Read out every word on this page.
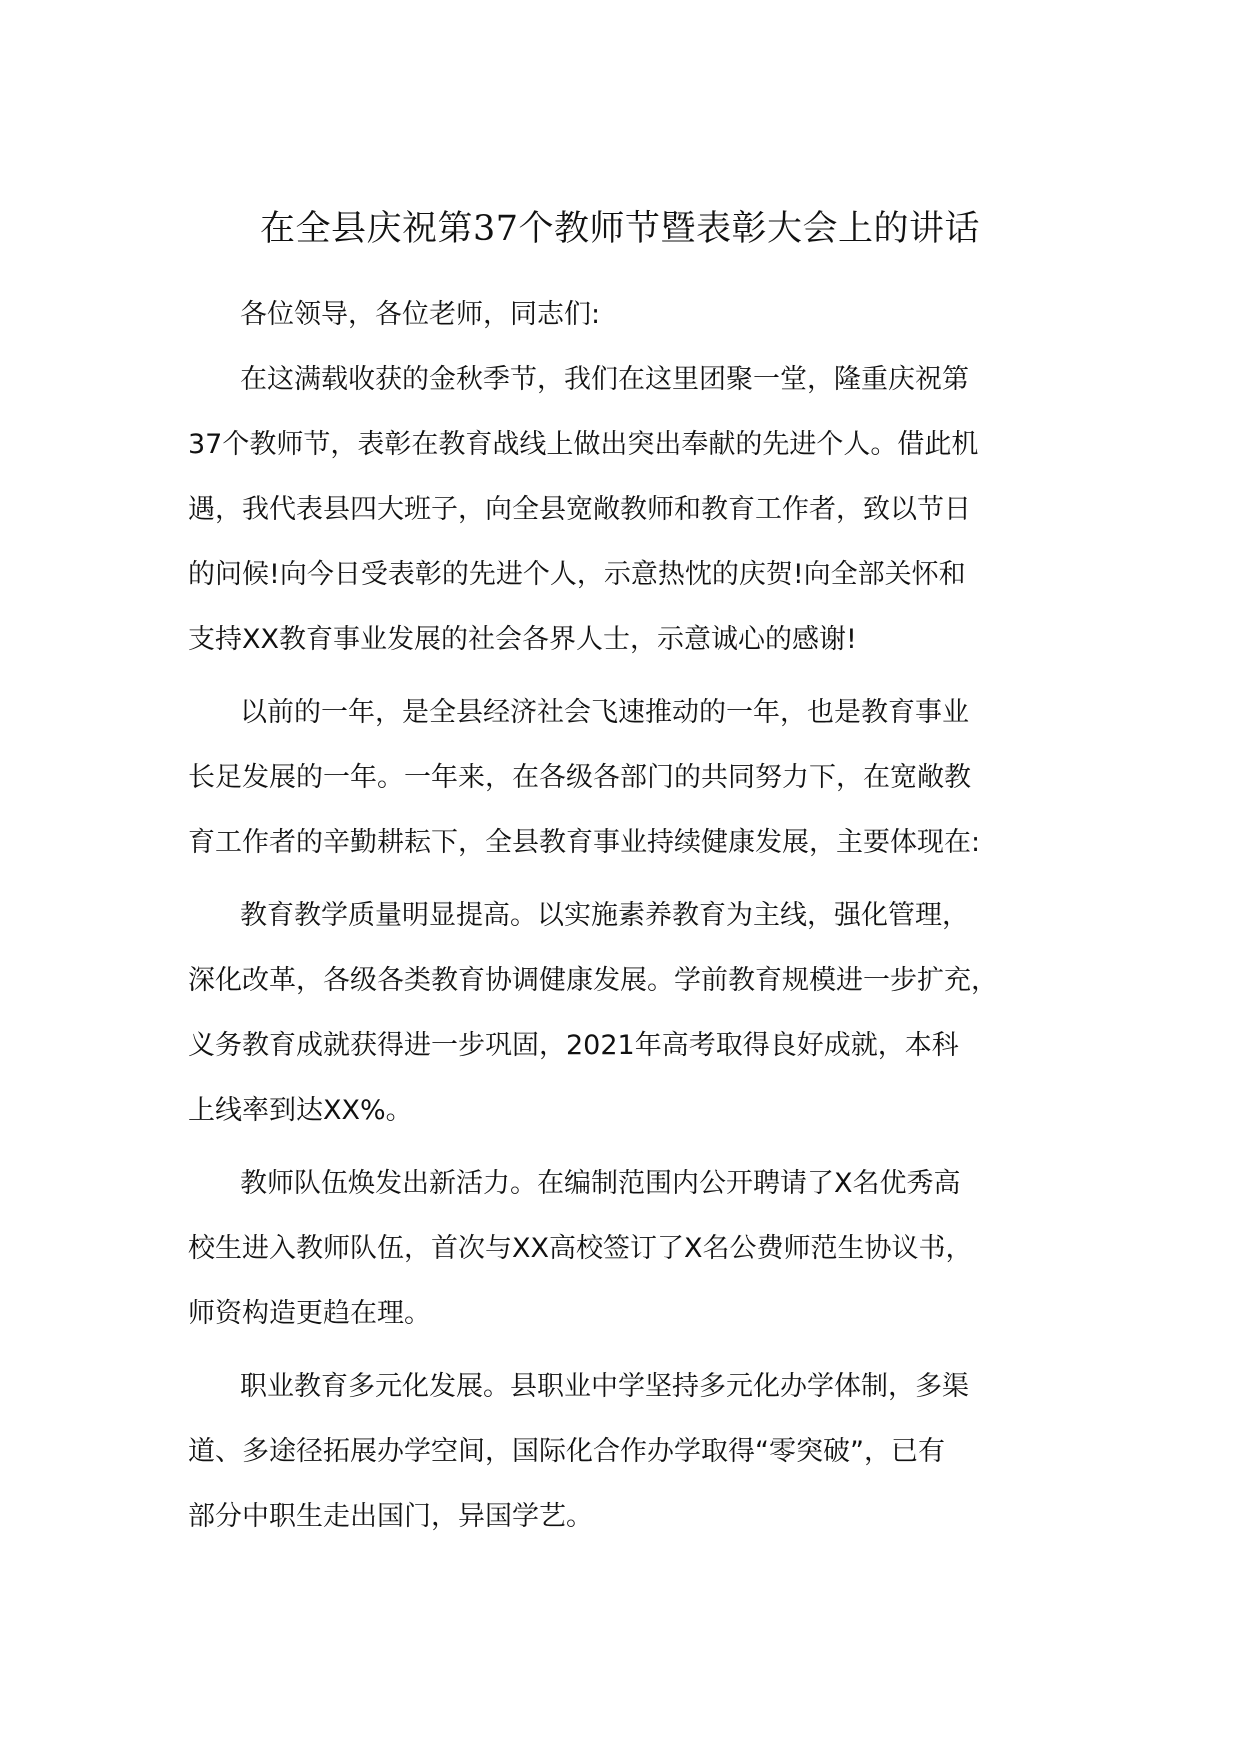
在全县庆祝第37个教师节暨表彰大会上的讲话

各位领导，各位老师，同志们:

在这满载收获的金秋季节，我们在这里团聚一堂，隆重庆祝第
37个教师节，表彰在教育战线上做出突出奉献的先进个人。借此机
遇，我代表县四大班子，向全县宽敞教师和教育工作者，致以节日
的问候!向今日受表彰的先进个人，示意热忱的庆贺!向全部关怀和
支持XX教育事业发展的社会各界人士，示意诚心的感谢!
以前的一年，是全县经济社会飞速推动的一年，也是教育事业
长足发展的一年。一年来，在各级各部门的共同努力下，在宽敞教
育工作者的辛勤耕耘下，全县教育事业持续健康发展，主要体现在:
教育教学质量明显提高。以实施素养教育为主线，强化管理，
深化改革，各级各类教育协调健康发展。学前教育规模进一步扩充，
义务教育成就获得进一步巩固，2021年高考取得良好成就，本科
上线率到达XX%。
教师队伍焕发出新活力。在编制范围内公开聘请了X名优秀高
校生进入教师队伍，首次与XX高校签订了X名公费师范生协议书，
师资构造更趋在理。
职业教育多元化发展。县职业中学坚持多元化办学体制，多渠
道、多途径拓展办学空间，国际化合作办学取得“零突破”，已有
部分中职生走出国门，异国学艺。
